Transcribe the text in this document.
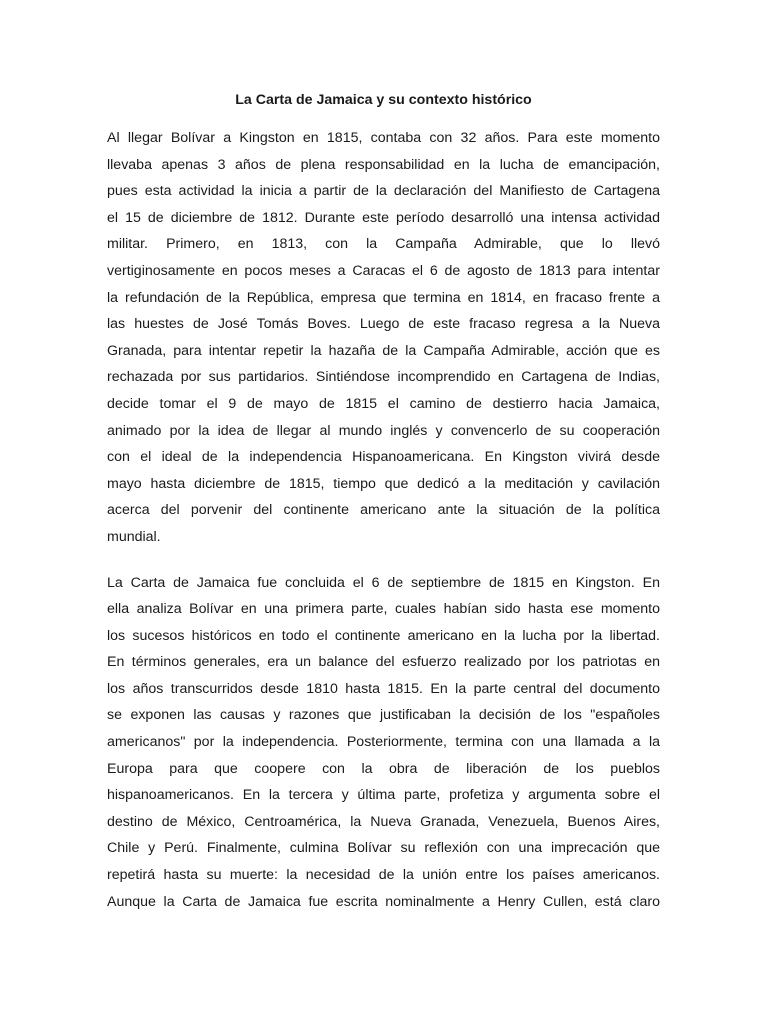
La Carta de Jamaica y su contexto histórico
Al llegar Bolívar a Kingston en 1815, contaba con 32 años. Para este momento
llevaba apenas 3 años de plena responsabilidad en la lucha de emancipación,
pues esta actividad la inicia a partir de la declaración del Manifiesto de Cartagena
el 15 de diciembre de 1812. Durante este período desarrolló una intensa actividad
militar. Primero, en 1813, con la Campaña Admirable, que lo llevó
vertiginosamente en pocos meses a Caracas el 6 de agosto de 1813 para intentar
la refundación de la República, empresa que termina en 1814, en fracaso frente a
las huestes de José Tomás Boves. Luego de este fracaso regresa a la Nueva
Granada, para intentar repetir la hazaña de la Campaña Admirable, acción que es
rechazada por sus partidarios. Sintiéndose incomprendido en Cartagena de Indias,
decide tomar el 9 de mayo de 1815 el camino de destierro hacia Jamaica,
animado por la idea de llegar al mundo inglés y convencerlo de su cooperación
con el ideal de la independencia Hispanoamericana. En Kingston vivirá desde
mayo hasta diciembre de 1815, tiempo que dedicó a la meditación y cavilación
acerca del porvenir del continente americano ante la situación de la política
mundial.
La Carta de Jamaica fue concluida el 6 de septiembre de 1815 en Kingston. En
ella analiza Bolívar en una primera parte, cuales habían sido hasta ese momento
los sucesos históricos en todo el continente americano en la lucha por la libertad.
En términos generales, era un balance del esfuerzo realizado por los patriotas en
los años transcurridos desde 1810 hasta 1815. En la parte central del documento
se exponen las causas y razones que justificaban la decisión de los "españoles
americanos" por la independencia. Posteriormente, termina con una llamada a la
Europa para que coopere con la obra de liberación de los pueblos
hispanoamericanos. En la tercera y última parte, profetiza y argumenta sobre el
destino de México, Centroamérica, la Nueva Granada, Venezuela, Buenos Aires,
Chile y Perú. Finalmente, culmina Bolívar su reflexión con una imprecación que
repetirá hasta su muerte: la necesidad de la unión entre los países americanos.
Aunque la Carta de Jamaica fue escrita nominalmente a Henry Cullen, está claro
